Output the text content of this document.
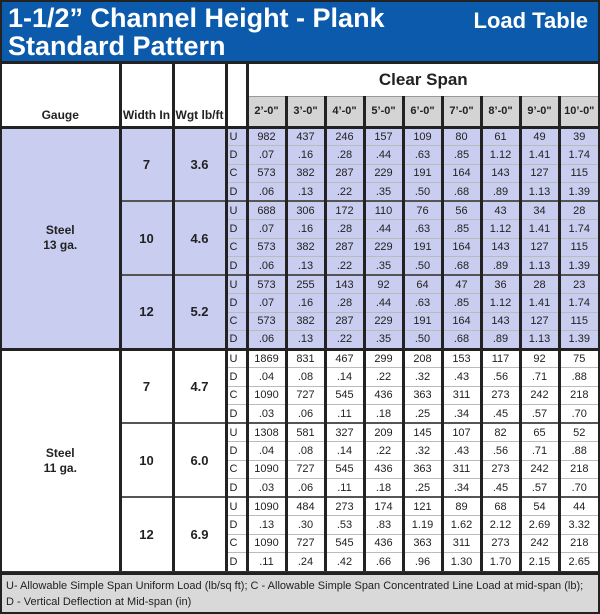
1-1/2” Channel Height - Plank
Standard Pattern
Load Table
Gauge	Width In	Wgt lb/ft		Clear Span								
				2’-0"	3’-0"	4’-0"	5’-0"	6’-0"	7’-0"	8’-0"	9’-0"	10’-0"
Steel
13 ga.	7	3.6	U	982	437	246	157	109	80	61	49	39
			D	.07	.16	.28	.44	.63	.85	1.12	1.41	1.74
			C	573	382	287	229	191	164	143	127	115
			D	.06	.13	.22	.35	.50	.68	.89	1.13	1.39
	10	4.6	U	688	306	172	110	76	56	43	34	28
			D	.07	.16	.28	.44	.63	.85	1.12	1.41	1.74
			C	573	382	287	229	191	164	143	127	115
			D	.06	.13	.22	.35	.50	.68	.89	1.13	1.39
	12	5.2	U	573	255	143	92	64	47	36	28	23
			D	.07	.16	.28	.44	.63	.85	1.12	1.41	1.74
			C	573	382	287	229	191	164	143	127	115
			D	.06	.13	.22	.35	.50	.68	.89	1.13	1.39
Steel
11 ga.	7	4.7	U	1869	831	467	299	208	153	117	92	75
			D	.04	.08	.14	.22	.32	.43	.56	.71	.88
			C	1090	727	545	436	363	311	273	242	218
			D	.03	.06	.11	.18	.25	.34	.45	.57	.70
	10	6.0	U	1308	581	327	209	145	107	82	65	52
			D	.04	.08	.14	.22	.32	.43	.56	.71	.88
			C	1090	727	545	436	363	311	273	242	218
			D	.03	.06	.11	.18	.25	.34	.45	.57	.70
	12	6.9	U	1090	484	273	174	121	89	68	54	44
			D	.13	.30	.53	.83	1.19	1.62	2.12	2.69	3.32
			C	1090	727	545	436	363	311	273	242	218
			D	.11	.24	.42	.66	.96	1.30	1.70	2.15	2.65
U- Allowable Simple Span Uniform Load (lb/sq ft); C - Allowable Simple Span Concentrated Line Load at mid-span (lb); D - Vertical Deflection at Mid-span (in)
